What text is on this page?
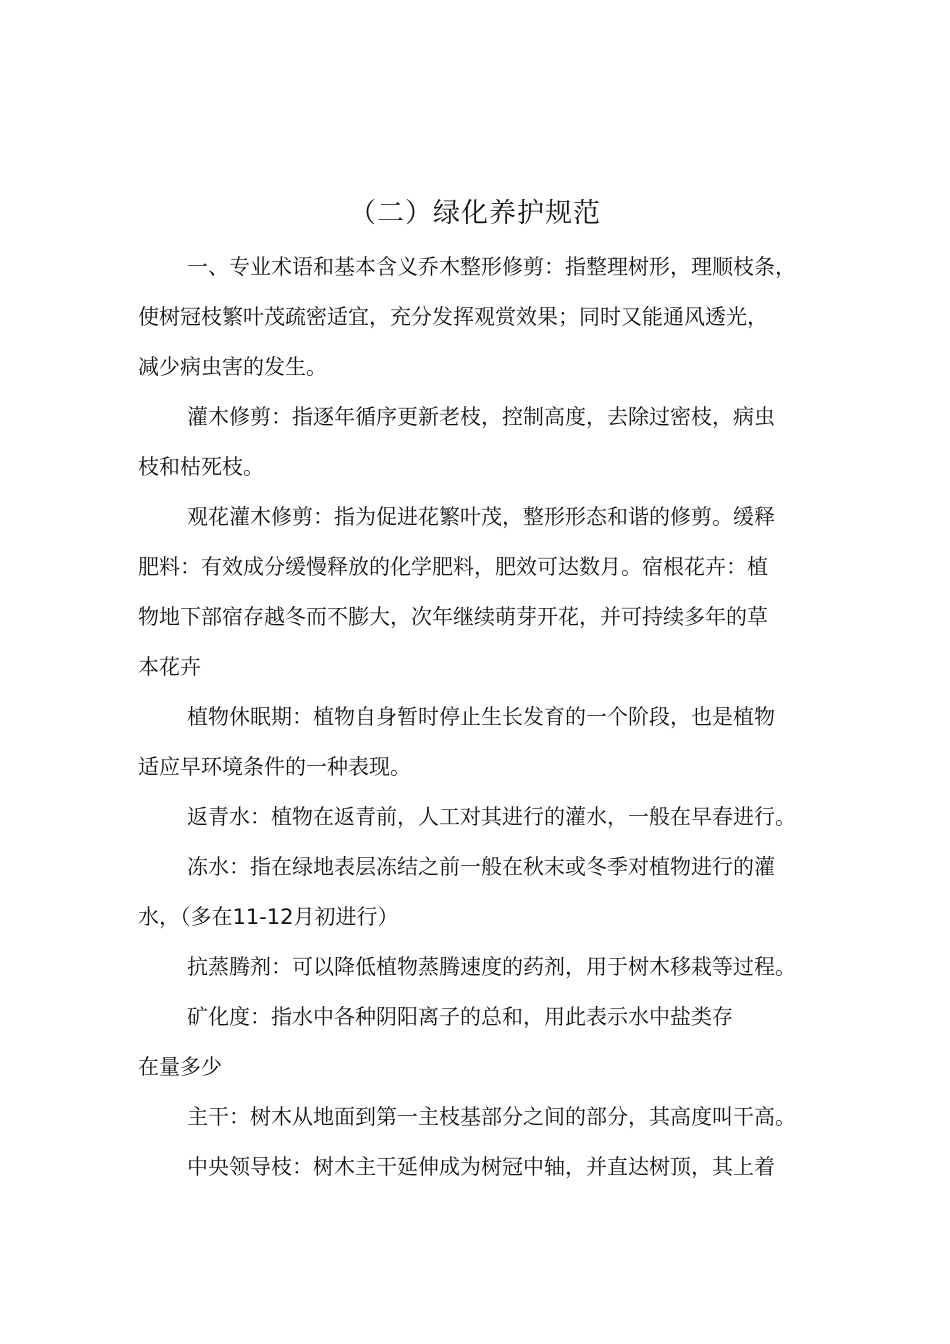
（二）绿化养护规范

一、专业术语和基本含义乔木整形修剪：指整理树形，理顺枝条，

使树冠枝繁叶茂疏密适宜，充分发挥观赏效果；同时又能通风透光，

减少病虫害的发生。

灌木修剪：指逐年循序更新老枝，控制高度，去除过密枝，病虫

枝和枯死枝。

观花灌木修剪：指为促进花繁叶茂，整形形态和谐的修剪。缓释

肥料：有效成分缓慢释放的化学肥料，肥效可达数月。宿根花卉：植

物地下部宿存越冬而不膨大，次年继续萌芽开花，并可持续多年的草

本花卉

植物休眠期：植物自身暂时停止生长发育的一个阶段，也是植物

适应早环境条件的一种表现。

返青水：植物在返青前，人工对其进行的灌水，一般在早春进行。

冻水：指在绿地表层冻结之前一般在秋末或冬季对植物进行的灌

水，（多在11-12月初进行）

抗蒸腾剂：可以降低植物蒸腾速度的药剂，用于树木移栽等过程。

矿化度：指水中各种阴阳离子的总和，用此表示水中盐类存

在量多少

主干：树木从地面到第一主枝基部分之间的部分，其高度叫干高。

中央领导枝：树木主干延伸成为树冠中轴，并直达树顶，其上着
